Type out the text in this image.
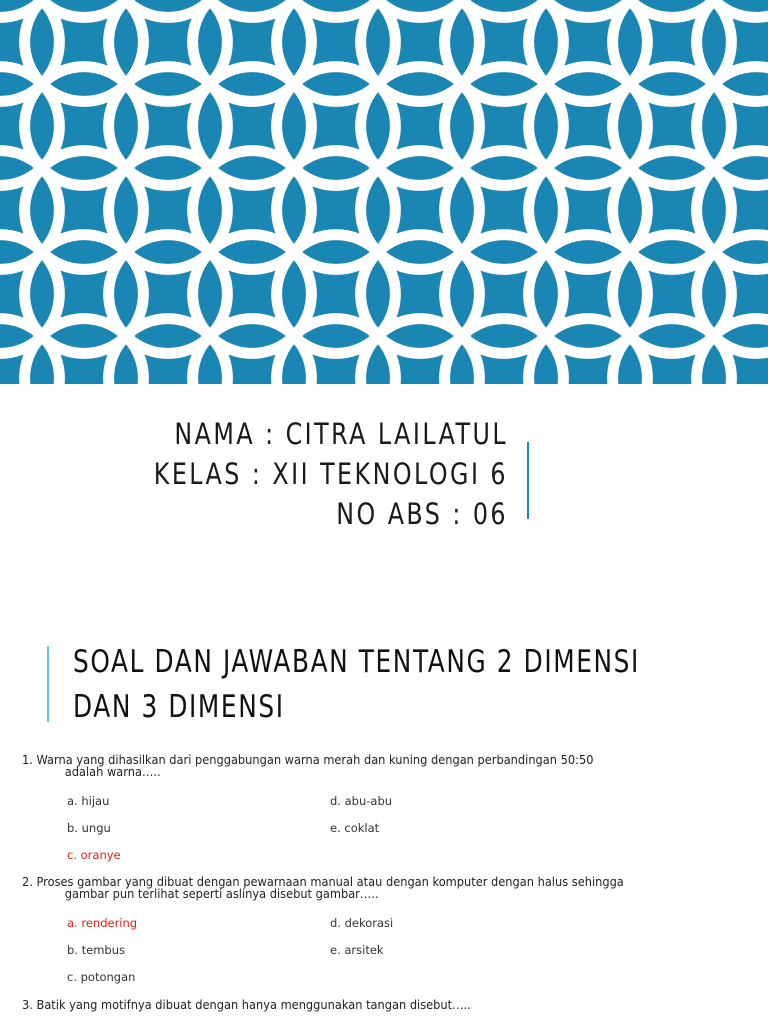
NAMA : CITRA LAILATUL
KELAS : XII TEKNOLOGI 6
NO ABS : 06
SOAL DAN JAWABAN TENTANG 2 DIMENSI
DAN 3 DIMENSI
1. Warna yang dihasilkan dari penggabungan warna merah dan kuning dengan perbandingan 50:50
adalah warna…..
a. hijau	d. abu-abu
b. ungu	e. coklat
c. oranye
2. Proses gambar yang dibuat dengan pewarnaan manual atau dengan komputer dengan halus sehingga
gambar pun terlihat seperti aslinya disebut gambar…..
a. rendering	d. dekorasi
b. tembus	e. arsitek
c. potongan
3. Batik yang motifnya dibuat dengan hanya menggunakan tangan disebut…..
